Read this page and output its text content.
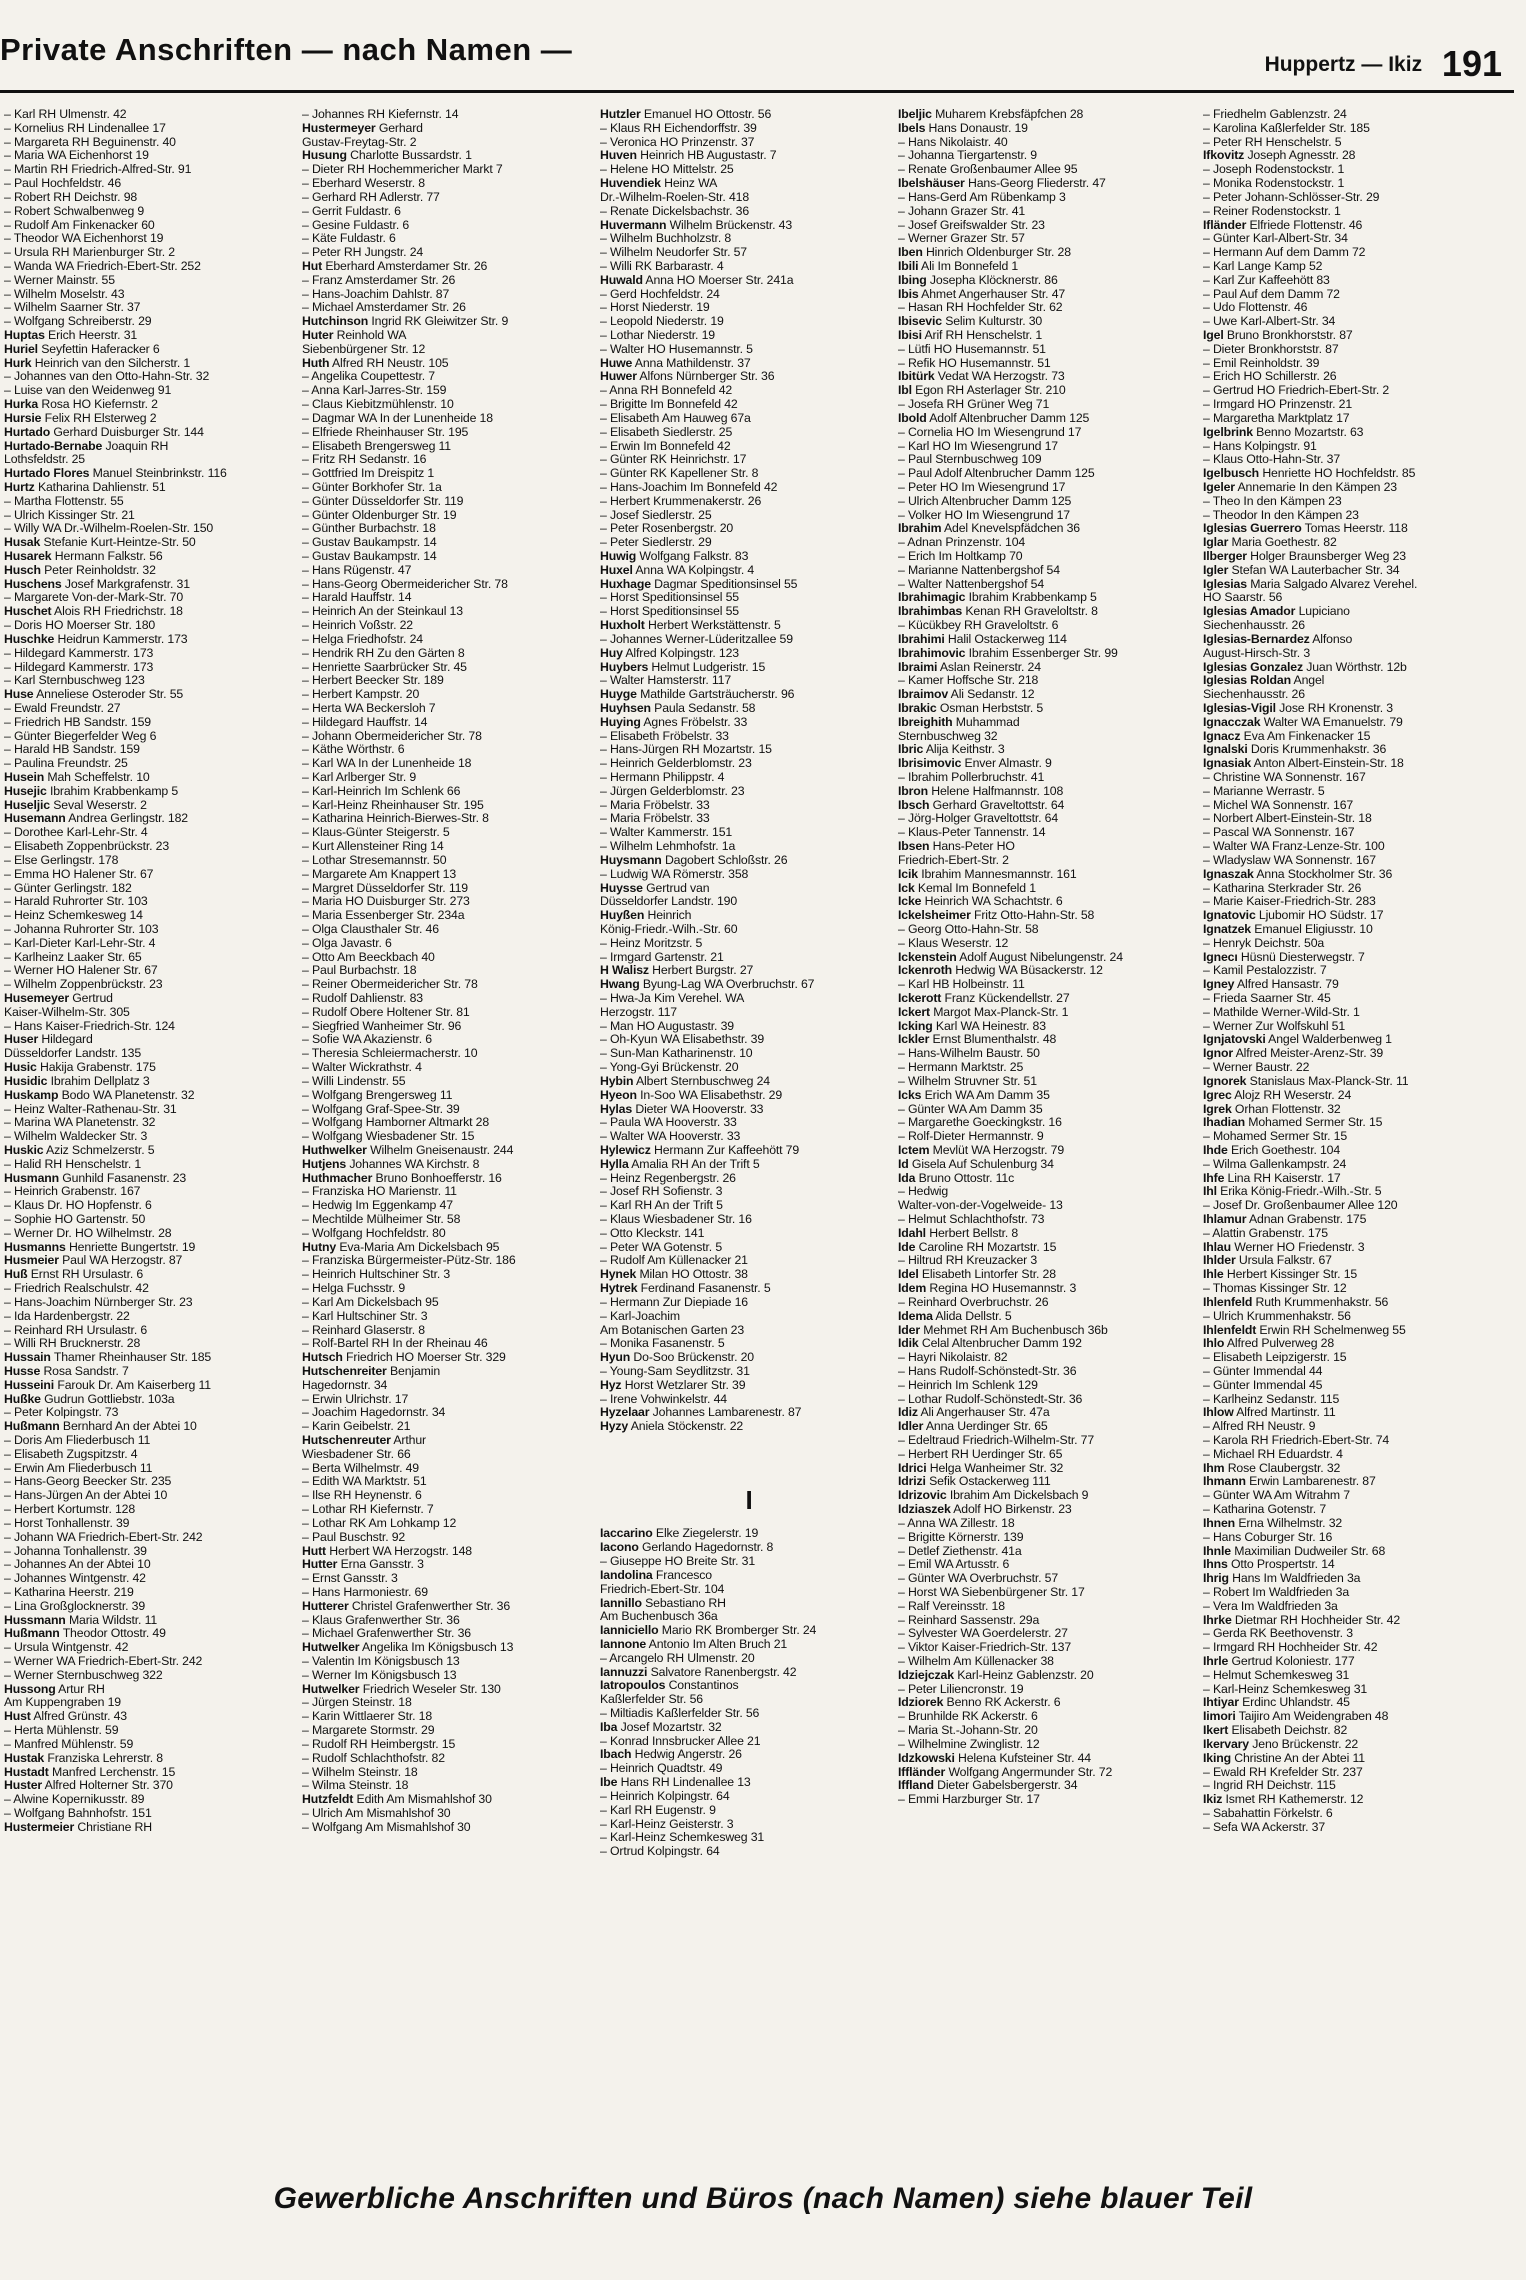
Private Anschriften — nach Namen —	Huppertz — Ikiz 191
– Karl RH Ulmenstr. 42
– Kornelius RH Lindenallee 17
– Margareta RH Beguinenstr. 40
– Maria WA Eichenhorst 19
– Martin RH Friedrich-Alfred-Str. 91
– Paul Hochfeldstr. 46
– Robert RH Deichstr. 98
– Robert Schwalbenweg 9
– Rudolf Am Finkenacker 60
– Theodor WA Eichenhorst 19
– Ursula RH Marienburger Str. 2
– Wanda WA Friedrich-Ebert-Str. 252
– Werner Mainstr. 55
– Wilhelm Moselstr. 43
– Wilhelm Saarner Str. 37
– Wolfgang Schreiberstr. 29
Huptas Erich Heerstr. 31
Huriel Seyfettin Haferacker 6
Hurk Heinrich van den Silcherstr. 1
– Johannes van den Otto-Hahn-Str. 32
– Luise van den Weidenweg 91
Hurka Rosa HO Kiefernstr. 2
Hursie Felix RH Elsterweg 2
Hurtado Gerhard Duisburger Str. 144
Hurtado-Bernabe Joaquin RH
Lothsfeldstr. 25
Hurtado Flores Manuel Steinbrinkstr. 116
Hurtz Katharina Dahlienstr. 51
– Martha Flottenstr. 55
– Ulrich Kissinger Str. 21
– Willy WA Dr.-Wilhelm-Roelen-Str. 150
Husak Stefanie Kurt-Heintze-Str. 50
Husarek Hermann Falkstr. 56
Husch Peter Reinholdstr. 32
Huschens Josef Markgrafenstr. 31
– Margarete Von-der-Mark-Str. 70
Huschet Alois RH Friedrichstr. 18
– Doris HO Moerser Str. 180
Huschke Heidrun Kammerstr. 173
– Hildegard Kammerstr. 173
– Hildegard Kammerstr. 173
– Karl Sternbuschweg 123
Huse Anneliese Osteroder Str. 55
– Ewald Freundstr. 27
– Friedrich HB Sandstr. 159
– Günter Biegerfelder Weg 6
– Harald HB Sandstr. 159
– Paulina Freundstr. 25
Husein Mah Scheffelstr. 10
Husejic Ibrahim Krabbenkamp 5
Huseljic Seval Weserstr. 2
Husemann Andrea Gerlingstr. 182
– Dorothee Karl-Lehr-Str. 4
– Elisabeth Zoppenbrückstr. 23
– Else Gerlingstr. 178
– Emma HO Halener Str. 67
– Günter Gerlingstr. 182
– Harald Ruhrorter Str. 103
– Heinz Schemkesweg 14
– Johanna Ruhrorter Str. 103
– Karl-Dieter Karl-Lehr-Str. 4
– Karlheinz Laaker Str. 65
– Werner HO Halener Str. 67
– Wilhelm Zoppenbrückstr. 23
Husemeyer Gertrud
Kaiser-Wilhelm-Str. 305
– Hans Kaiser-Friedrich-Str. 124
Huser Hildegard
Düsseldorfer Landstr. 135
Husic Hakija Grabenstr. 175
Husidic Ibrahim Dellplatz 3
Huskamp Bodo WA Planetenstr. 32
– Heinz Walter-Rathenau-Str. 31
– Marina WA Planetenstr. 32
– Wilhelm Waldecker Str. 3
Huskic Aziz Schmelzerstr. 5
– Halid RH Henschelstr. 1
Husmann Gunhild Fasanenstr. 23
– Heinrich Grabenstr. 167
– Klaus Dr. HO Hopfenstr. 6
– Sophie HO Gartenstr. 50
– Werner Dr. HO Wilhelmstr. 28
Husmanns Henriette Bungertstr. 19
Husmeier Paul WA Herzogstr. 87
Huß Ernst RH Ursulastr. 6
– Friedrich Realschulstr. 42
– Hans-Joachim Nürnberger Str. 23
– Ida Hardenbergstr. 22
– Reinhard RH Ursulastr. 6
– Willi RH Brucknerstr. 28
Hussain Thamer Rheinhauser Str. 185
Husse Rosa Sandstr. 7
Husseini Farouk Dr. Am Kaiserberg 11
Hußke Gudrun Gottliebstr. 103a
– Peter Kolpingstr. 73
Hußmann Bernhard An der Abtei 10
– Doris Am Fliederbusch 11
– Elisabeth Zugspitzstr. 4
– Erwin Am Fliederbusch 11
– Hans-Georg Beecker Str. 235
– Hans-Jürgen An der Abtei 10
– Herbert Kortumstr. 128
– Horst Tonhallenstr. 39
– Johann WA Friedrich-Ebert-Str. 242
– Johanna Tonhallenstr. 39
– Johannes An der Abtei 10
– Johannes Wintgenstr. 42
– Katharina Heerstr. 219
– Lina Großglocknerstr. 39
Hussmann Maria Wildstr. 11
Hußmann Theodor Ottostr. 49
– Ursula Wintgenstr. 42
– Werner WA Friedrich-Ebert-Str. 242
– Werner Sternbuschweg 322
Hussong Artur RH
Am Kuppengraben 19
Hust Alfred Grünstr. 43
– Herta Mühlenstr. 59
– Manfred Mühlenstr. 59
Hustak Franziska Lehrerstr. 8
Hustadt Manfred Lerchenstr. 15
Huster Alfred Holterner Str. 370
– Alwine Kopernikusstr. 89
– Wolfgang Bahnhofstr. 151
Hustermeier Christiane RH
– Johannes RH Kiefernstr. 14
Hustermeyer Gerhard
Gustav-Freytag-Str. 2
Husung Charlotte Bussardstr. 1
– Dieter RH Hochemmericher Markt 7
– Eberhard Weserstr. 8
– Gerhard RH Adlerstr. 77
– Gerrit Fuldastr. 6
– Gesine Fuldastr. 6
– Käte Fuldastr. 6
– Peter RH Jungstr. 24
Hut Eberhard Amsterdamer Str. 26
– Franz Amsterdamer Str. 26
– Hans-Joachim Dahlstr. 87
– Michael Amsterdamer Str. 26
Hutchinson Ingrid RK Gleiwitzer Str. 9
Huter Reinhold WA
Siebenbürgener Str. 12
Huth Alfred RH Neustr. 105
– Angelika Coupettestr. 7
– Anna Karl-Jarres-Str. 159
– Claus Kiebitzmühlenstr. 10
– Dagmar WA In der Lunenheide 18
– Elfriede Rheinhauser Str. 195
– Elisabeth Brengersweg 11
– Fritz RH Sedanstr. 16
– Gottfried Im Dreispitz 1
– Günter Borkhofer Str. 1a
– Günter Düsseldorfer Str. 119
– Günter Oldenburger Str. 19
– Günther Burbachstr. 18
– Gustav Baukampstr. 14
– Gustav Baukampstr. 14
– Hans Rügenstr. 47
– Hans-Georg Obermeidericher Str. 78
– Harald Hauffstr. 14
– Heinrich An der Steinkaul 13
– Heinrich Voßstr. 22
– Helga Friedhofstr. 24
– Hendrik RH Zu den Gärten 8
– Henriette Saarbrücker Str. 45
– Herbert Beecker Str. 189
– Herbert Kampstr. 20
– Herta WA Beckersloh 7
– Hildegard Hauffstr. 14
– Johann Obermeidericher Str. 78
– Käthe Wörthstr. 6
– Karl WA In der Lunenheide 18
– Karl Arlberger Str. 9
– Karl-Heinrich Im Schlenk 66
– Karl-Heinz Rheinhauser Str. 195
– Katharina Heinrich-Bierwes-Str. 8
– Klaus-Günter Steigerstr. 5
– Kurt Allensteiner Ring 14
– Lothar Stresemannstr. 50
– Margarete Am Knappert 13
– Margret Düsseldorfer Str. 119
– Maria HO Duisburger Str. 273
– Maria Essenberger Str. 234a
– Olga Clausthaler Str. 46
– Olga Javastr. 6
– Otto Am Beeckbach 40
– Paul Burbachstr. 18
– Reiner Obermeidericher Str. 78
– Rudolf Dahlienstr. 83
– Rudolf Obere Holtener Str. 81
– Siegfried Wanheimer Str. 96
– Sofie WA Akazienstr. 6
– Theresia Schleiermacherstr. 10
– Walter Wickrathstr. 4
– Willi Lindenstr. 55
– Wolfgang Brengersweg 11
– Wolfgang Graf-Spee-Str. 39
– Wolfgang Hamborner Altmarkt 28
– Wolfgang Wiesbadener Str. 15
Huthwelker Wilhelm Gneisenaustr. 244
Hutjens Johannes WA Kirchstr. 8
Huthmacher Bruno Bonhoefferstr. 16
– Franziska HO Marienstr. 11
– Hedwig Im Eggenkamp 47
– Mechtilde Mülheimer Str. 58
– Wolfgang Hochfeldstr. 80
Hutny Eva-Maria Am Dickelsbach 95
– Franziska Bürgermeister-Pütz-Str. 186
– Heinrich Hultschiner Str. 3
– Helga Fuchsstr. 9
– Karl Am Dickelsbach 95
– Karl Hultschiner Str. 3
– Reinhard Glaserstr. 8
– Rolf-Bartel RH In der Rheinau 46
Hutsch Friedrich HO Moerser Str. 329
Hutschenreiter Benjamin
Hagedornstr. 34
– Erwin Ulrichstr. 17
– Joachim Hagedornstr. 34
– Karin Geibelstr. 21
Hutschenreuter Arthur
Wiesbadener Str. 66
– Berta Wilhelmstr. 49
– Edith WA Marktstr. 51
– Ilse RH Heynenstr. 6
– Lothar RH Kiefernstr. 7
– Lothar RK Am Lohkamp 12
– Paul Buschstr. 92
Hutt Herbert WA Herzogstr. 148
Hutter Erna Gansstr. 3
– Ernst Gansstr. 3
– Hans Harmoniestr. 69
Hutterer Christel Grafenwerther Str. 36
– Klaus Grafenwerther Str. 36
– Michael Grafenwerther Str. 36
Hutwelker Angelika Im Königsbusch 13
– Valentin Im Königsbusch 13
– Werner Im Königsbusch 13
Hutwelker Friedrich Weseler Str. 130
– Jürgen Steinstr. 18
– Karin Wittlaerer Str. 18
– Margarete Stormstr. 29
– Rudolf RH Heimbergstr. 15
– Rudolf Schlachthofstr. 82
– Wilhelm Steinstr. 18
– Wilma Steinstr. 18
Hutzfeldt Edith Am Mismahlshof 30
– Ulrich Am Mismahlshof 30
– Wolfgang Am Mismahlshof 30
Hutzler Emanuel HO Ottostr. 56
– Klaus RH Eichendorffstr. 39
– Veronica HO Prinzenstr. 37
Huven Heinrich HB Augustastr. 7
– Helene HO Mittelstr. 25
Huvendiek Heinz WA
Dr.-Wilhelm-Roelen-Str. 418
– Renate Dickelsbachstr. 36
Huvermann Wilhelm Brückenstr. 43
– Wilhelm Buchholzstr. 8
– Wilhelm Neudorfer Str. 57
– Willi RK Barbarastr. 4
Huwald Anna HO Moerser Str. 241a
– Gerd Hochfeldstr. 24
– Horst Niederstr. 19
– Leopold Niederstr. 19
– Lothar Niederstr. 19
– Walter HO Husemannstr. 5
Huwe Anna Mathildenstr. 37
Huwer Alfons Nürnberger Str. 36
– Anna RH Bonnefeld 42
– Brigitte Im Bonnefeld 42
– Elisabeth Am Hauweg 67a
– Elisabeth Siedlerstr. 25
– Erwin Im Bonnefeld 42
– Günter RK Heinrichstr. 17
– Günter RK Kapellener Str. 8
– Hans-Joachim Im Bonnefeld 42
– Herbert Krummenakerstr. 26
– Josef Siedlerstr. 25
– Peter Rosenbergstr. 20
– Peter Siedlerstr. 29
Huwig Wolfgang Falkstr. 83
Huxel Anna WA Kolpingstr. 4
Huxhage Dagmar Speditionsinsel 55
– Horst Speditionsinsel 55
– Horst Speditionsinsel 55
Huxholt Herbert Werkstättenstr. 5
– Johannes Werner-Lüderitzallee 59
Huy Alfred Kolpingstr. 123
Huybers Helmut Ludgeristr. 15
– Walter Hamsterstr. 117
Huyge Mathilde Gartsträucherstr. 96
Huyhsen Paula Sedanstr. 58
Huying Agnes Fröbelstr. 33
– Elisabeth Fröbelstr. 33
– Hans-Jürgen RH Mozartstr. 15
– Heinrich Gelderblomstr. 23
– Hermann Philippstr. 4
– Jürgen Gelderblomstr. 23
– Maria Fröbelstr. 33
– Maria Fröbelstr. 33
– Walter Kammerstr. 151
– Wilhelm Lehmhofstr. 1a
Huysmann Dagobert Schloßstr. 26
– Ludwig WA Römerstr. 358
Huysse Gertrud van
Düsseldorfer Landstr. 190
Huyßen Heinrich
König-Friedr.-Wilh.-Str. 60
– Heinz Moritzstr. 5
– Irmgard Gartenstr. 21
H Walisz Herbert Burgstr. 27
Hwang Byung-Lag WA Overbruchstr. 67
– Hwa-Ja Kim Verehel. WA
Herzogstr. 117
– Man HO Augustastr. 39
– Oh-Kyun WA Elisabethstr. 39
– Sun-Man Katharinenstr. 10
– Yong-Gyi Brückenstr. 20
Hybin Albert Sternbuschweg 24
Hyeon In-Soo WA Elisabethstr. 29
Hylas Dieter WA Hooverstr. 33
– Paula WA Hooverstr. 33
– Walter WA Hooverstr. 33
Hylewicz Hermann Zur Kaffeehött 79
Hylla Amalia RH An der Trift 5
– Heinz Regenbergstr. 26
– Josef RH Sofienstr. 3
– Karl RH An der Trift 5
– Klaus Wiesbadener Str. 16
– Otto Kleckstr. 141
– Peter WA Gotenstr. 5
– Rudolf Am Küllenacker 21
Hynek Milan HO Ottostr. 38
Hytrek Ferdinand Fasanenstr. 5
– Hermann Zur Diepiade 16
– Karl-Joachim
Am Botanischen Garten 23
– Monika Fasanenstr. 5
Hyun Do-Soo Brückenstr. 20
– Young-Sam Seydlitzstr. 31
Hyz Horst Wetzlarer Str. 39
– Irene Vohwinkelstr. 44
Hyzelaar Johannes Lambarenestr. 87
Hyzy Aniela Stöckenstr. 22

I
Iaccarino Elke Ziegelerstr. 19
Iacono Gerlando Hagedornstr. 8
– Giuseppe HO Breite Str. 31
Iandolina Francesco
Friedrich-Ebert-Str. 104
Iannillo Sebastiano RH
Am Buchenbusch 36a
Ianniciello Mario RK Bromberger Str. 24
Iannone Antonio Im Alten Bruch 21
– Arcangelo RH Ulmenstr. 20
Iannuzzi Salvatore Ranenbergstr. 42
Iatropoulos Constantinos
Kaßlerfelder Str. 56
– Miltiadis Kaßlerfelder Str. 56
Iba Josef Mozartstr. 32
– Konrad Innsbrucker Allee 21
Ibach Hedwig Angerstr. 26
– Heinrich Quadtstr. 49
Ibe Hans RH Lindenallee 13
– Heinrich Kolpingstr. 64
– Karl RH Eugenstr. 9
– Karl-Heinz Geisterstr. 3
– Karl-Heinz Schemkesweg 31
– Ortrud Kolpingstr. 64
Ibeljic Muharem Krebsfäpfchen 28
Ibels Hans Donaustr. 19
– Hans Nikolaistr. 40
– Johanna Tiergartenstr. 9
– Renate Großenbaumer Allee 95
Ibelshäuser Hans-Georg Fliederstr. 47
– Hans-Gerd Am Rübenkamp 3
– Johann Grazer Str. 41
– Josef Greifswalder Str. 23
– Werner Grazer Str. 57
Iben Hinrich Oldenburger Str. 28
Ibili Ali Im Bonnefeld 1
Ibing Josepha Klöcknerstr. 86
Ibis Ahmet Angerhauser Str. 47
– Hasan RH Hochfelder Str. 62
Ibisevic Selim Kulturstr. 30
Ibisi Arif RH Henschelstr. 1
– Lütfi HO Husemannstr. 51
– Refik HO Husemannstr. 51
Ibitürk Vedat WA Herzogstr. 73
Ibl Egon RH Asterlager Str. 210
– Josefa RH Grüner Weg 71
Ibold Adolf Altenbrucher Damm 125
– Cornelia HO Im Wiesengrund 17
– Karl HO Im Wiesengrund 17
– Paul Sternbuschweg 109
– Paul Adolf Altenbrucher Damm 125
– Peter HO Im Wiesengrund 17
– Ulrich Altenbrucher Damm 125
– Volker HO Im Wiesengrund 17
Ibrahim Adel Knevelspfädchen 36
– Adnan Prinzenstr. 104
– Erich Im Holtkamp 70
– Marianne Nattenbergshof 54
– Walter Nattenbergshof 54
Ibrahimagic Ibrahim Krabbenkamp 5
Ibrahimbas Kenan RH Graveloltstr. 8
– Kücükbey RH Graveloltstr. 6
Ibrahimi Halil Ostackerweg 114
Ibrahimovic Ibrahim Essenberger Str. 99
Ibraimi Aslan Reinerstr. 24
– Kamer Hoffsche Str. 218
Ibraimov Ali Sedanstr. 12
Ibrakic Osman Herbststr. 5
Ibreighith Muhammad
Sternbuschweg 32
Ibric Alija Keithstr. 3
Ibrisimovic Enver Almastr. 9
– Ibrahim Pollerbruchstr. 41
Ibron Helene Halfmannstr. 108
Ibsch Gerhard Graveltottstr. 64
– Jörg-Holger Graveltottstr. 64
– Klaus-Peter Tannenstr. 14
Ibsen Hans-Peter HO
Friedrich-Ebert-Str. 2
Icik Ibrahim Mannesmannstr. 161
Ick Kemal Im Bonnefeld 1
Icke Heinrich WA Schachtstr. 6
Ickelsheimer Fritz Otto-Hahn-Str. 58
– Georg Otto-Hahn-Str. 58
– Klaus Weserstr. 12
Ickenstein Adolf August Nibelungenstr. 24
Ickenroth Hedwig WA Büsackerstr. 12
– Karl HB Holbeinstr. 11
Ickerott Franz Kückendellstr. 27
Ickert Margot Max-Planck-Str. 1
Icking Karl WA Heinestr. 83
Ickler Ernst Blumenthalstr. 48
– Hans-Wilhelm Baustr. 50
– Hermann Marktstr. 25
– Wilhelm Struvner Str. 51
Icks Erich WA Am Damm 35
– Günter WA Am Damm 35
– Margarethe Goeckingkstr. 16
– Rolf-Dieter Hermannstr. 9
Ictem Mevlüt WA Herzogstr. 79
Id Gisela Auf Schulenburg 34
Ida Bruno Ottostr. 11c
– Hedwig
Walter-von-der-Vogelweide- 13
– Helmut Schlachthofstr. 73
Idahl Herbert Bellstr. 8
Ide Caroline RH Mozartstr. 15
– Hiltrud RH Kreuzacker 3
Idel Elisabeth Lintorfer Str. 28
Idem Regina HO Husemannstr. 3
– Reinhard Overbruchstr. 26
Idema Alida Dellstr. 5
Ider Mehmet RH Am Buchenbusch 36b
Idik Celal Altenbrucher Damm 192
– Hayri Nikolaistr. 82
– Hans Rudolf-Schönstedt-Str. 36
– Heinrich Im Schlenk 129
– Lothar Rudolf-Schönstedt-Str. 36
Idiz Ali Angerhauser Str. 47a
Idler Anna Uerdinger Str. 65
– Edeltraud Friedrich-Wilhelm-Str. 77
– Herbert RH Uerdinger Str. 65
Idrici Helga Wanheimer Str. 32
Idrizi Sefik Ostackerweg 111
Idrizovic Ibrahim Am Dickelsbach 9
Idziaszek Adolf HO Birkenstr. 23
– Anna WA Zillestr. 18
– Brigitte Körnerstr. 139
– Detlef Ziethenstr. 41a
– Emil WA Artusstr. 6
– Günter WA Overbruchstr. 57
– Horst WA Siebenbürgener Str. 17
– Ralf Vereinsstr. 18
– Reinhard Sassenstr. 29a
– Sylvester WA Goerdelerstr. 27
– Viktor Kaiser-Friedrich-Str. 137
– Wilhelm Am Küllenacker 38
Idziejczak Karl-Heinz Gablenzstr. 20
– Peter Liliencronstr. 19
Idziorek Benno RK Ackerstr. 6
– Brunhilde RK Ackerstr. 6
– Maria St.-Johann-Str. 20
– Wilhelmine Zwinglistr. 12
Idzkowski Helena Kufsteiner Str. 44
Iffländer Wolfgang Angermunder Str. 72
Iffland Dieter Gabelsbergerstr. 34
– Emmi Harzburger Str. 17
– Friedhelm Gablenzstr. 24
– Karolina Kaßlerfelder Str. 185
– Peter RH Henschelstr. 5
Ifkovitz Joseph Agnesstr. 28
– Joseph Rodenstockstr. 1
– Monika Rodenstockstr. 1
– Peter Johann-Schlösser-Str. 29
– Reiner Rodenstockstr. 1
Ifländer Elfriede Flottenstr. 46
– Günter Karl-Albert-Str. 34
– Hermann Auf dem Damm 72
– Karl Lange Kamp 52
– Karl Zur Kaffeehött 83
– Paul Auf dem Damm 72
– Udo Flottenstr. 46
– Uwe Karl-Albert-Str. 34
Igel Bruno Bronkhorststr. 87
– Dieter Bronkhorststr. 87
– Emil Reinholdstr. 39
– Erich HO Schillerstr. 26
– Gertrud HO Friedrich-Ebert-Str. 2
– Irmgard HO Prinzenstr. 21
– Margaretha Marktplatz 17
Igelbrink Benno Mozartstr. 63
– Hans Kolpingstr. 91
– Klaus Otto-Hahn-Str. 37
Igelbusch Henriette HO Hochfeldstr. 85
Igeler Annemarie In den Kämpen 23
– Theo In den Kämpen 23
– Theodor In den Kämpen 23
Iglesias Guerrero Tomas Heerstr. 118
Iglar Maria Goethestr. 82
Ilberger Holger Braunsberger Weg 23
Igler Stefan WA Lauterbacher Str. 34
Iglesias Maria Salgado Alvarez Verehel.
HO Saarstr. 56
Iglesias Amador Lupiciano
Siechenhausstr. 26
Iglesias-Bernardez Alfonso
August-Hirsch-Str. 3
Iglesias Gonzalez Juan Wörthstr. 12b
Iglesias Roldan Angel
Siechenhausstr. 26
Iglesias-Vigil Jose RH Kronenstr. 3
Ignacczak Walter WA Emanuelstr. 79
Ignacz Eva Am Finkenacker 15
Ignalski Doris Krummenhakstr. 36
Ignasiak Anton Albert-Einstein-Str. 18
– Christine WA Sonnenstr. 167
– Marianne Werrastr. 5
– Michel WA Sonnenstr. 167
– Norbert Albert-Einstein-Str. 18
– Pascal WA Sonnenstr. 167
– Walter WA Franz-Lenze-Str. 100
– Wladyslaw WA Sonnenstr. 167
Ignaszak Anna Stockholmer Str. 36
– Katharina Sterkrader Str. 26
– Marie Kaiser-Friedrich-Str. 283
Ignatovic Ljubomir HO Südstr. 17
Ignatzek Emanuel Eligiusstr. 10
– Henryk Deichstr. 50a
Ignecı Hüsnü Diesterwegstr. 7
– Kamil Pestalozzistr. 7
Igney Alfred Hansastr. 79
– Frieda Saarner Str. 45
– Mathilde Werner-Wild-Str. 1
– Werner Zur Wolfskuhl 51
Ignjatovski Angel Walderbenweg 1
Ignor Alfred Meister-Arenz-Str. 39
– Werner Baustr. 22
Ignorek Stanislaus Max-Planck-Str. 11
Igrec Alojz RH Weserstr. 24
Igrek Orhan Flottenstr. 32
Ihadian Mohamed Sermer Str. 15
– Mohamed Sermer Str. 15
Ihde Erich Goethestr. 104
– Wilma Gallenkampstr. 24
Ihfe Lina RH Kaiserstr. 17
Ihl Erika König-Friedr.-Wilh.-Str. 5
– Josef Dr. Großenbaumer Allee 120
Ihlamur Adnan Grabenstr. 175
– Alattin Grabenstr. 175
Ihlau Werner HO Friedenstr. 3
Ihlder Ursula Falkstr. 67
Ihle Herbert Kissinger Str. 15
– Thomas Kissinger Str. 12
Ihlenfeld Ruth Krummenhakstr. 56
– Ulrich Krummenhakstr. 56
Ihlenfeldt Erwin RH Schelmenweg 55
Ihlo Alfred Pulverweg 28
– Elisabeth Leipzigerstr. 15
– Günter Immendal 44
– Günter Immendal 45
– Karlheinz Sedanstr. 115
Ihlow Alfred Martinstr. 11
– Alfred RH Neustr. 9
– Karola RH Friedrich-Ebert-Str. 74
– Michael RH Eduardstr. 4
Ihm Rose Claubergstr. 32
Ihmann Erwin Lambarenestr. 87
– Günter WA Am Witrahm 7
– Katharina Gotenstr. 7
Ihnen Erna Wilhelmstr. 32
– Hans Coburger Str. 16
Ihnle Maximilian Dudweiler Str. 68
Ihns Otto Prospertstr. 14
Ihrig Hans Im Waldfrieden 3a
– Robert Im Waldfrieden 3a
– Vera Im Waldfrieden 3a
Ihrke Dietmar RH Hochheider Str. 42
– Gerda RK Beethovenstr. 3
– Irmgard RH Hochheider Str. 42
Ihrle Gertrud Koloniestr. 177
– Helmut Schemkesweg 31
– Karl-Heinz Schemkesweg 31
Ihtiyar Erdinc Uhlandstr. 45
Iimori Taijiro Am Weidengraben 48
Ikert Elisabeth Deichstr. 82
Ikervary Jeno Brückenstr. 22
Iking Christine An der Abtei 11
– Ewald RH Krefelder Str. 237
– Ingrid RH Deichstr. 115
Ikiz Ismet RH Kathemerstr. 12
– Sabahattin Förkelstr. 6
– Sefa WA Ackerstr. 37
Gewerbliche Anschriften und Büros (nach Namen) siehe blauer Teil
